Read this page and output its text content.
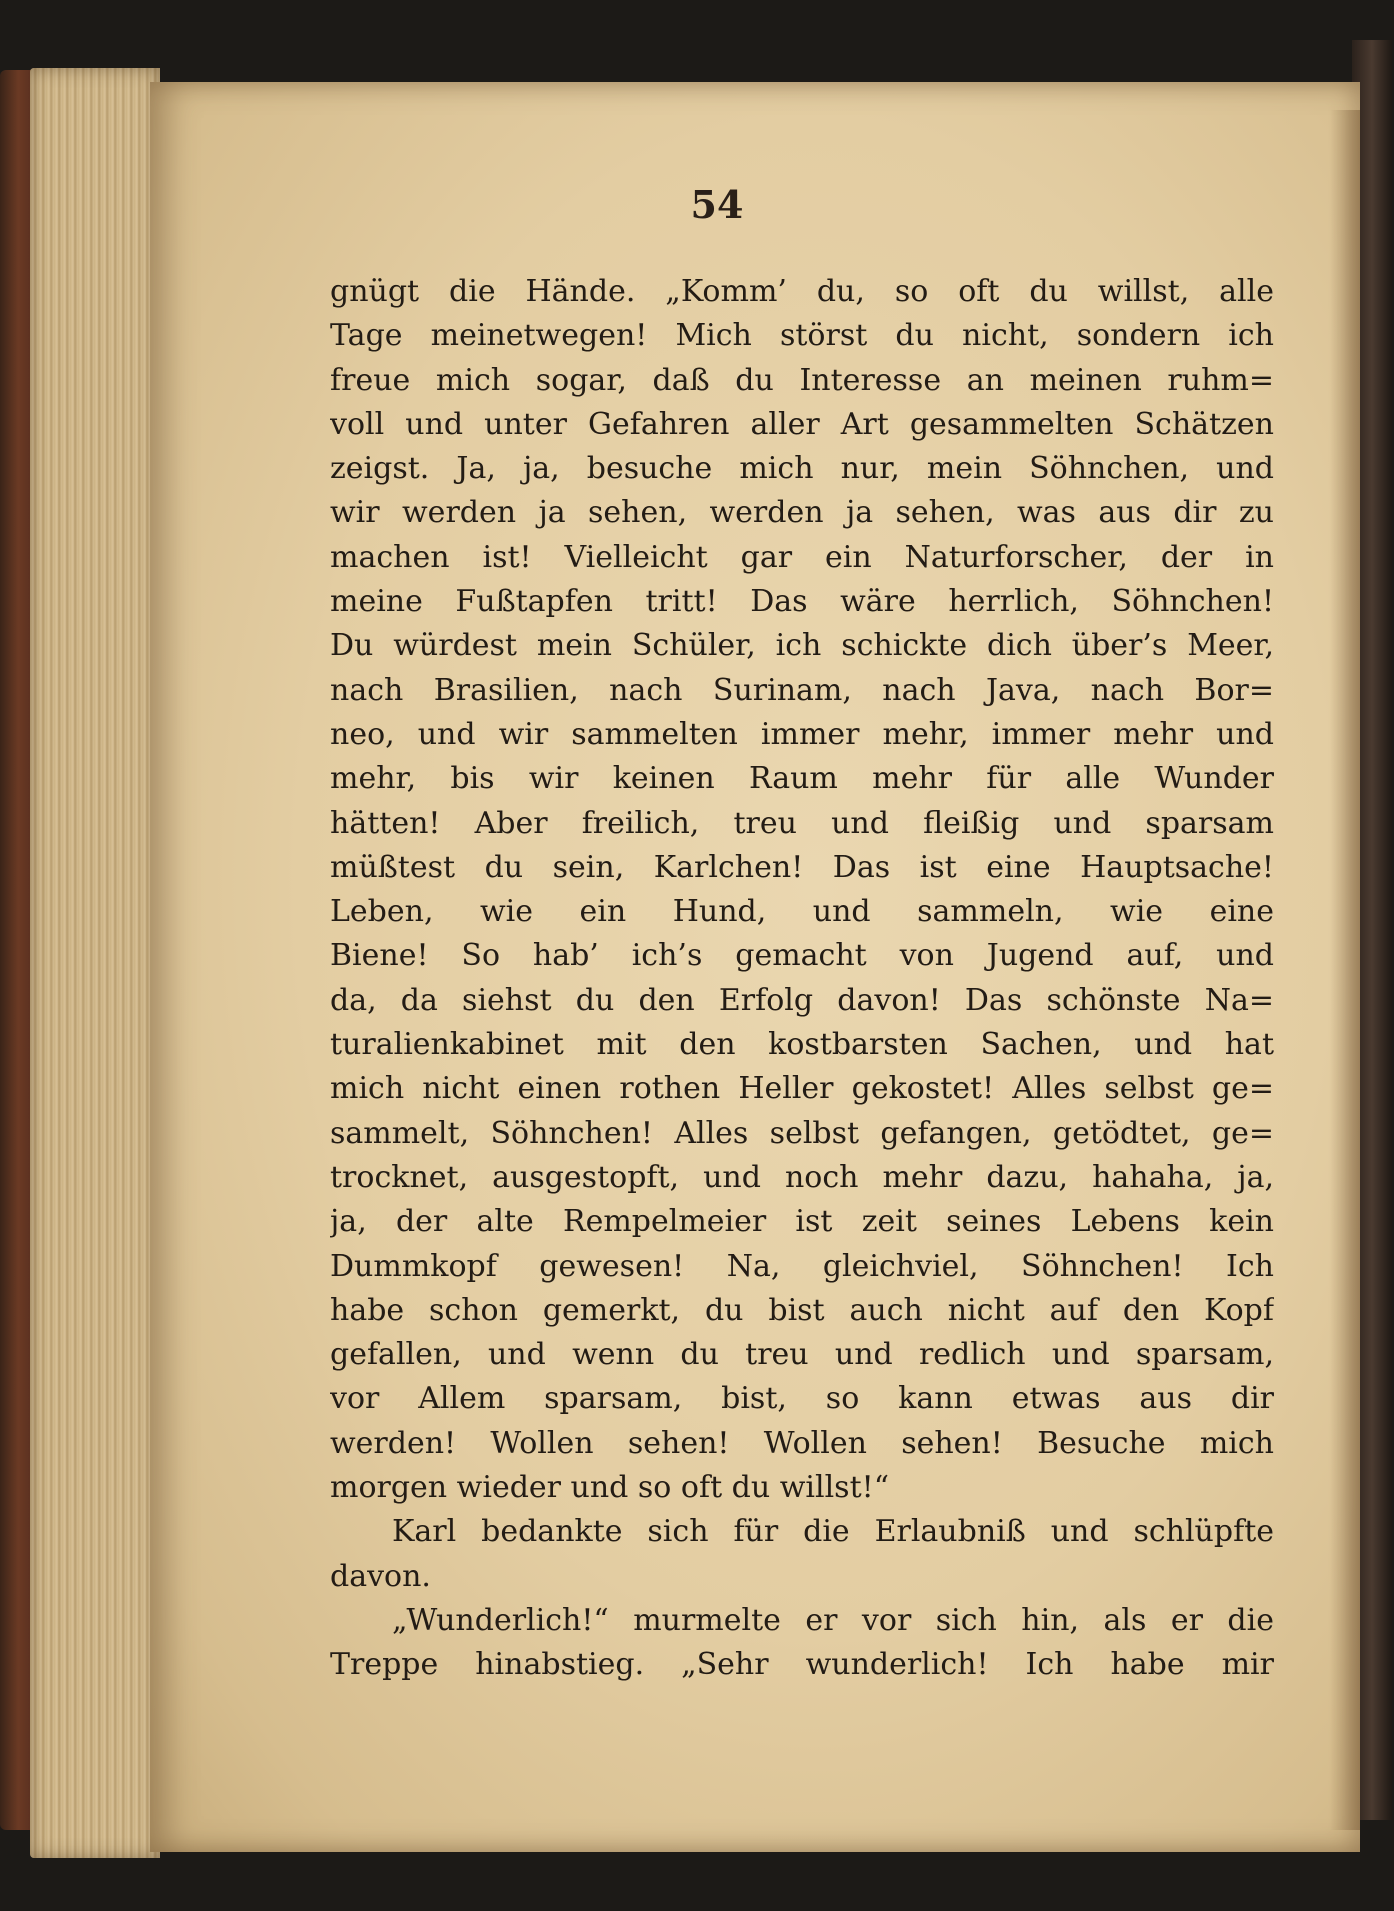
54
gnügt die Hände. „Komm’ du, so oft du willst, alle
Tage meinetwegen! Mich störst du nicht, sondern ich
freue mich sogar, daß du Interesse an meinen ruhm=
voll und unter Gefahren aller Art gesammelten Schätzen
zeigst. Ja, ja, besuche mich nur, mein Söhnchen, und
wir werden ja sehen, werden ja sehen, was aus dir zu
machen ist! Vielleicht gar ein Naturforscher, der in
meine Fußtapfen tritt! Das wäre herrlich, Söhnchen!
Du würdest mein Schüler, ich schickte dich über’s Meer,
nach Brasilien, nach Surinam, nach Java, nach Bor=
neo, und wir sammelten immer mehr, immer mehr und
mehr, bis wir keinen Raum mehr für alle Wunder
hätten! Aber freilich, treu und fleißig und sparsam
müßtest du sein, Karlchen! Das ist eine Hauptsache!
Leben, wie ein Hund, und sammeln, wie eine
Biene! So hab’ ich’s gemacht von Jugend auf, und
da, da siehst du den Erfolg davon! Das schönste Na=
turalienkabinet mit den kostbarsten Sachen, und hat
mich nicht einen rothen Heller gekostet! Alles selbst ge=
sammelt, Söhnchen! Alles selbst gefangen, getödtet, ge=
trocknet, ausgestopft, und noch mehr dazu, hahaha, ja,
ja, der alte Rempelmeier ist zeit seines Lebens kein
Dummkopf gewesen! Na, gleichviel, Söhnchen! Ich
habe schon gemerkt, du bist auch nicht auf den Kopf
gefallen, und wenn du treu und redlich und sparsam,
vor Allem sparsam, bist, so kann etwas aus dir
werden! Wollen sehen! Wollen sehen! Besuche mich
morgen wieder und so oft du willst!“
Karl bedankte sich für die Erlaubniß und schlüpfte
davon.
„Wunderlich!“ murmelte er vor sich hin, als er die
Treppe hinabstieg. „Sehr wunderlich! Ich habe mir
